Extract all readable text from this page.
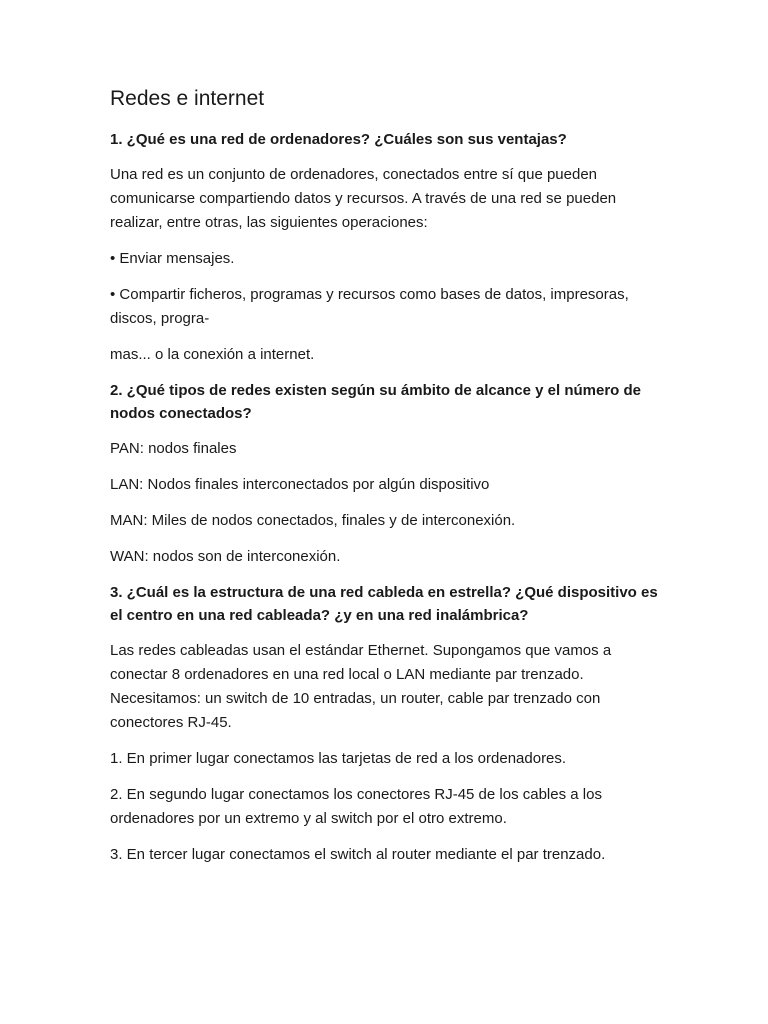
Redes e internet

1. ¿Qué es una red de ordenadores? ¿Cuáles son sus ventajas?

Una red es un conjunto de ordenadores, conectados entre sí que pueden comunicarse compartiendo datos y recursos. A través de una red se pueden realizar, entre otras, las siguientes operaciones:

• Enviar mensajes.

• Compartir ficheros, programas y recursos como bases de datos, impresoras, discos, progra-

mas... o la conexión a internet.

2. ¿Qué tipos de redes existen según su ámbito de alcance y el número de nodos conectados?

PAN: nodos finales

LAN: Nodos finales interconectados por algún dispositivo

MAN: Miles de nodos conectados, finales y de interconexión.

WAN: nodos son de interconexión.

3. ¿Cuál es la estructura de una red cableda en estrella? ¿Qué dispositivo es el centro en una red cableada? ¿y en una red inalámbrica?

Las redes cableadas usan el estándar Ethernet. Supongamos que vamos a conectar 8 ordenadores en una red local o LAN mediante par trenzado. Necesitamos: un switch de 10 entradas, un router, cable par trenzado con conectores RJ-45.

1. En primer lugar conectamos las tarjetas de red a los ordenadores.

2. En segundo lugar conectamos los conectores RJ-45 de los cables a los ordenadores por un extremo y al switch por el otro extremo.

3. En tercer lugar conectamos el switch al router mediante el par trenzado.
